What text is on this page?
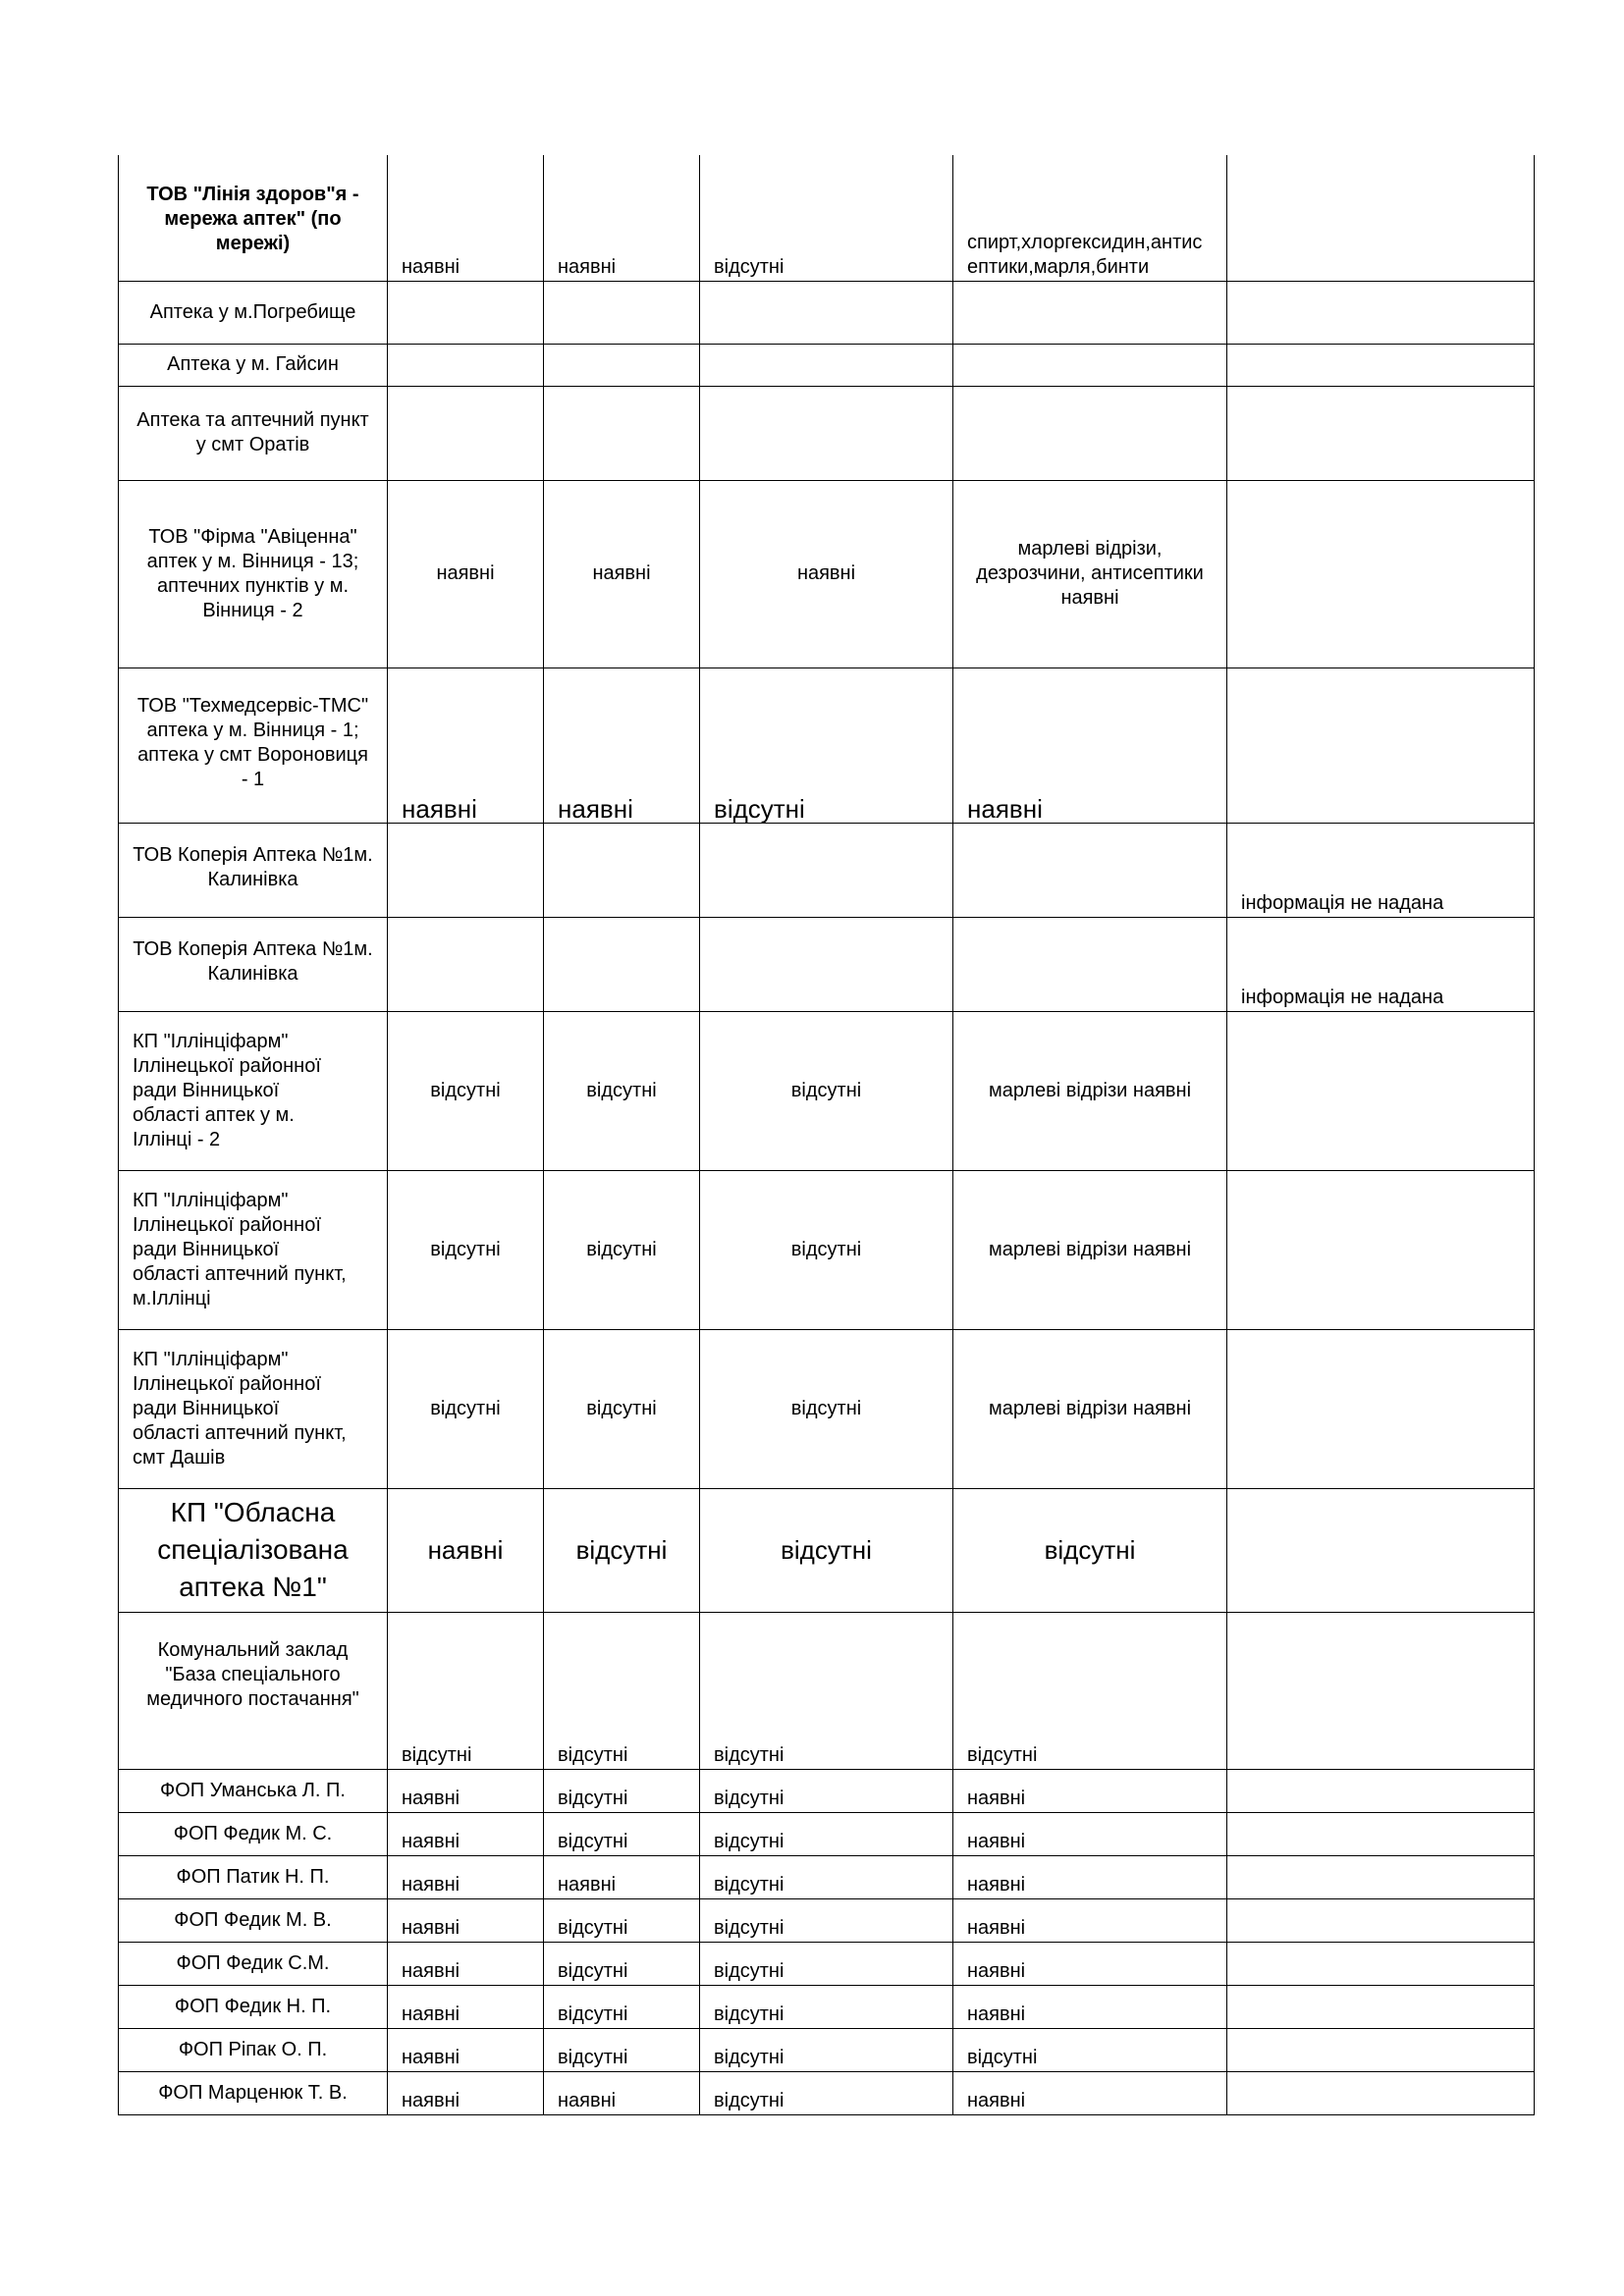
ТОВ "Лінія здоров"я - мережа аптек" (по мережі)	наявні	наявні	відсутні	спирт,хлоргексидин,антисептики,марля,бинти	
Аптека у м.Погребище					
Аптека у м. Гайсин					
Аптека та аптечний пункт у смт Оратів					
ТОВ "Фірма "Авіценна" аптек у м. Вінниця - 13; аптечних пунктів у м. Вінниця - 2	наявні	наявні	наявні	марлеві відрізи, дезрозчини, антисептики наявні	
ТОВ "Техмедсервіс-ТМС" аптека у м. Вінниця - 1; аптека у смт Вороновиця - 1	наявні	наявні	відсутні	наявні	
ТОВ Коперія Аптека №1м. Калинівка					інформація не надана
ТОВ Коперія Аптека №1м. Калинівка					інформація не надана
КП "Іллінціфарм" Іллінецької районної ради Вінницької області аптек у м. Іллінці - 2	відсутні	відсутні	відсутні	марлеві відрізи наявні	
КП "Іллінціфарм" Іллінецької районної ради Вінницької області аптечний пункт, м.Іллінці	відсутні	відсутні	відсутні	марлеві відрізи наявні	
КП "Іллінціфарм" Іллінецької районної ради Вінницької області аптечний пункт, смт Дашів	відсутні	відсутні	відсутні	марлеві відрізи наявні	
КП "Обласна спеціалізована аптека №1"	наявні	відсутні	відсутні	відсутні	
Комунальний заклад "База спеціального медичного постачання"	відсутні	відсутні	відсутні	відсутні	
ФОП Уманська Л. П.	наявні	відсутні	відсутні	наявні	
ФОП Федик М. С.	наявні	відсутні	відсутні	наявні	
ФОП Патик Н. П.	наявні	наявні	відсутні	наявні	
ФОП Федик М. В.	наявні	відсутні	відсутні	наявні	
ФОП Федик С.М.	наявні	відсутні	відсутні	наявні	
ФОП Федик Н. П.	наявні	відсутні	відсутні	наявні	
ФОП Ріпак О. П.	наявні	відсутні	відсутні	відсутні	
ФОП Марценюк Т. В.	наявні	наявні	відсутні	наявні	
